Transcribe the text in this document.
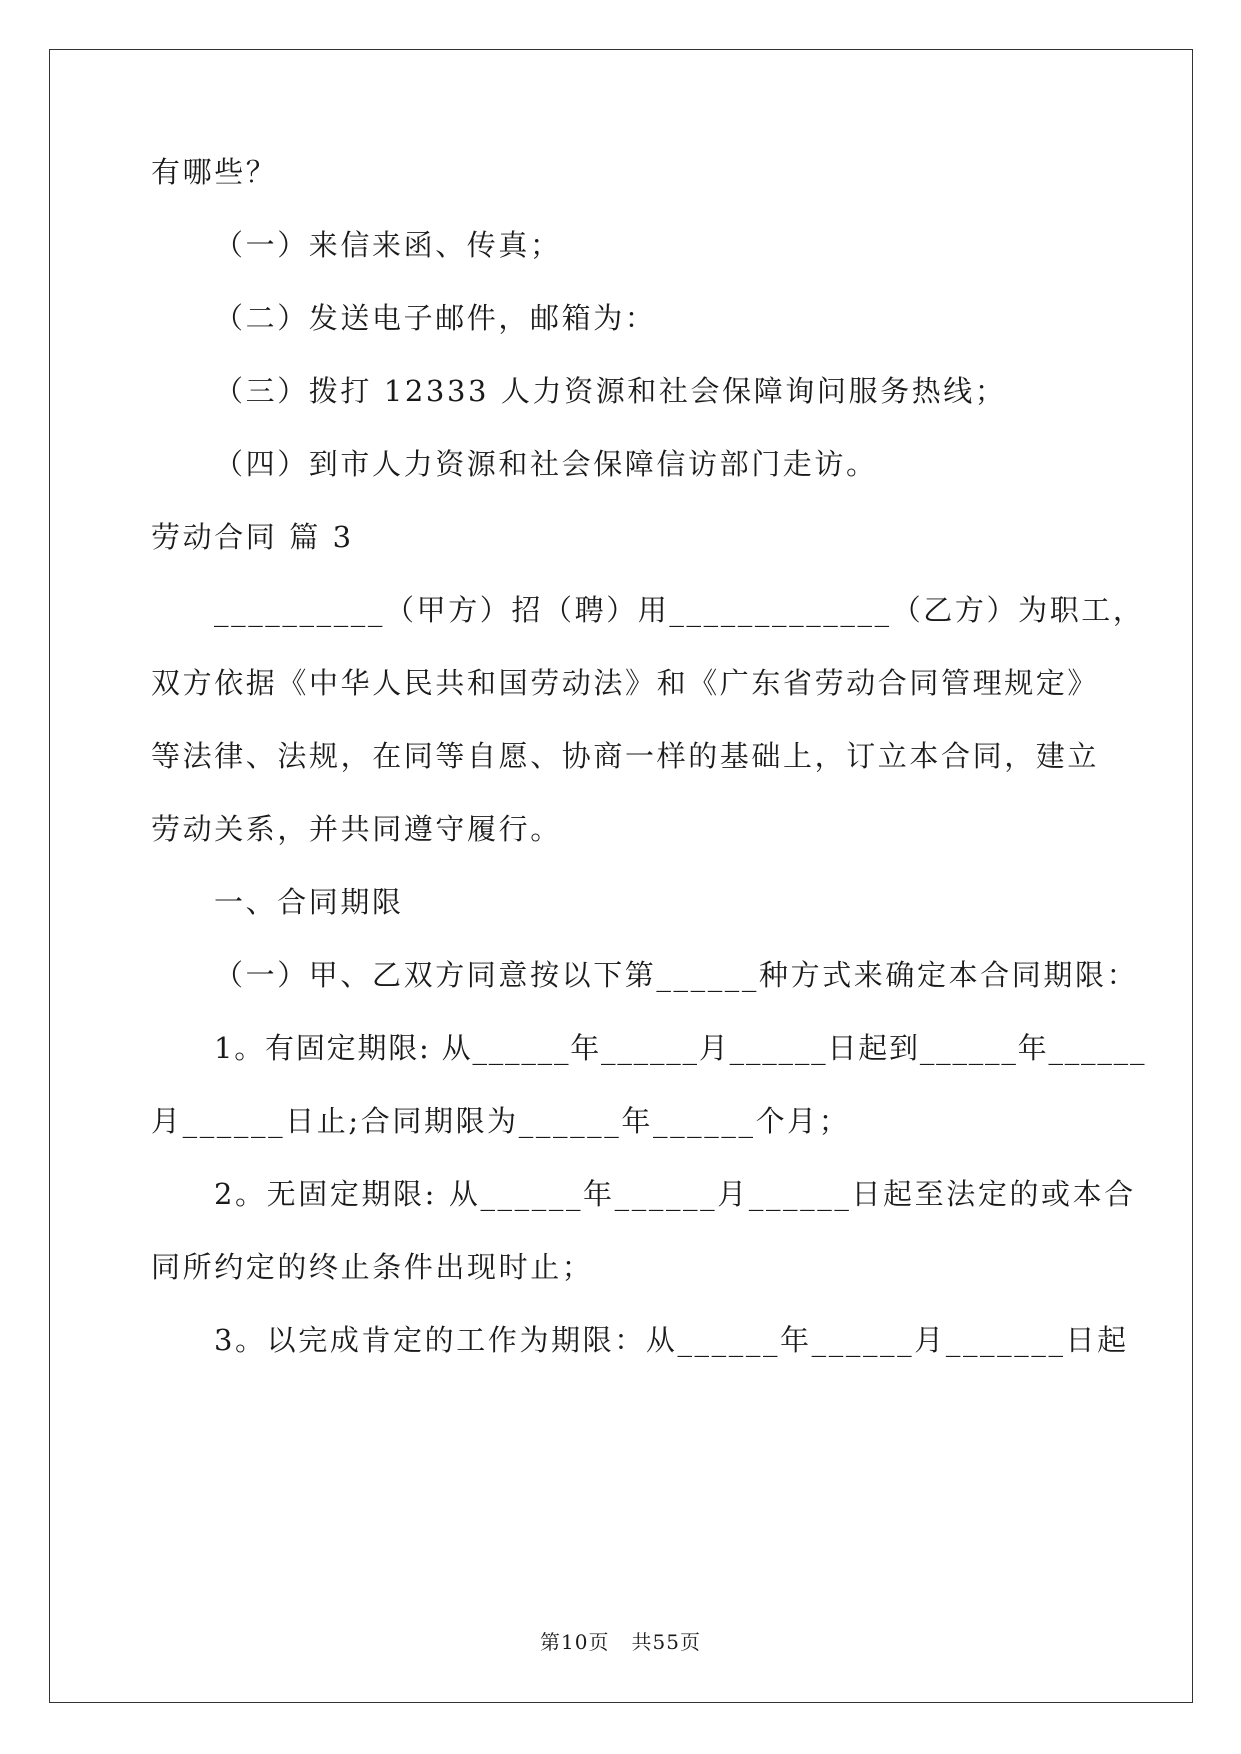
有哪些？
（一）来信来函、传真；
（二）发送电子邮件，邮箱为：
（三）拨打 12333 人力资源和社会保障询问服务热线；
（四）到市人力资源和社会保障信访部门走访。
劳动合同 篇 3
__________（甲方）招（聘）用_____________（乙方）为职工，
双方依据《中华人民共和国劳动法》和《广东省劳动合同管理规定》
等法律、法规，在同等自愿、协商一样的基础上，订立本合同，建立
劳动关系，并共同遵守履行。
一、合同期限
（一）甲、乙双方同意按以下第______种方式来确定本合同期限：
1。有固定期限: 从______年______月______日起到______年______
月______日止;合同期限为______年______个月；
2。无固定期限: 从______年______月______日起至法定的或本合
同所约定的终止条件出现时止；
3。以完成肯定的工作为期限：从______年______月_______日起
第10页   共55页
